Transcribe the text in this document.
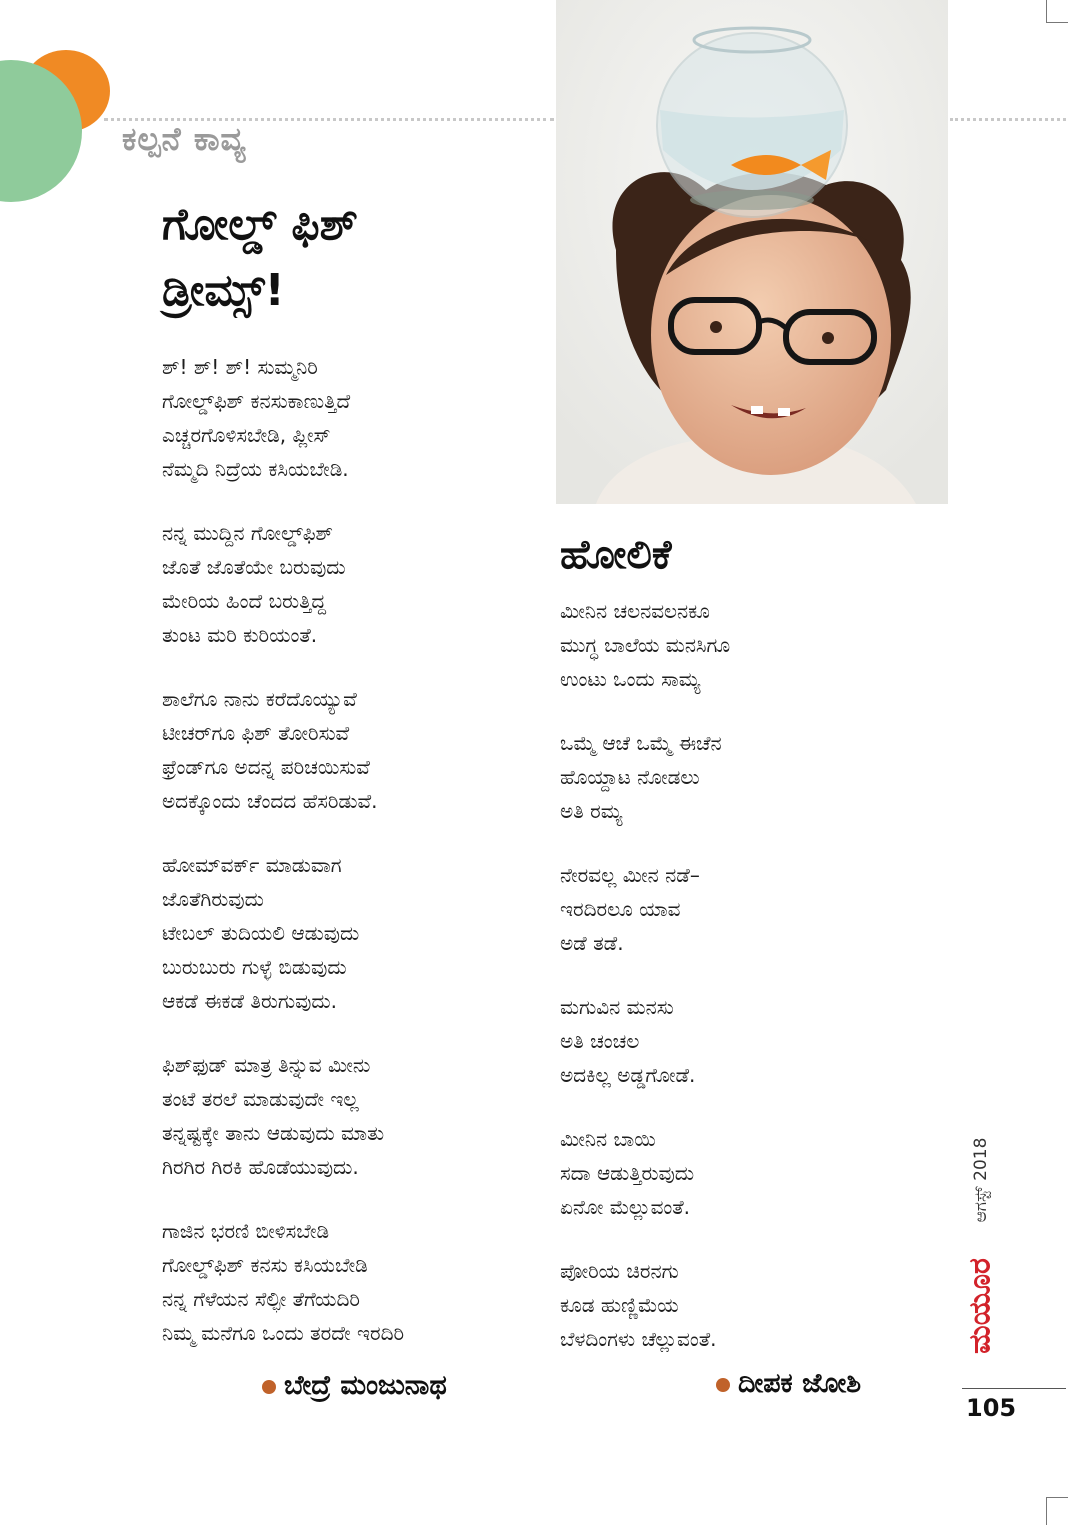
ಕಲ್ಪನೆ ಕಾವ್ಯ
ಗೋಲ್ಡ್ ಫಿಶ್
ಡ್ರೀಮ್ಸ್!
ಶ್! ಶ್! ಶ್! ಸುಮ್ಮನಿರಿ
ಗೋಲ್ಡ್‌ಫಿಶ್ ಕನಸುಕಾಣುತ್ತಿದೆ
ಎಚ್ಚರಗೊಳಿಸಬೇಡಿ, ಪ್ಲೀಸ್
ನೆಮ್ಮದಿ ನಿದ್ರೆಯ ಕಸಿಯಬೇಡಿ.
ನನ್ನ ಮುದ್ದಿನ ಗೋಲ್ಡ್‌ಫಿಶ್
ಜೊತೆ ಜೊತೆಯೇ ಬರುವುದು
ಮೇರಿಯ ಹಿಂದೆ ಬರುತ್ತಿದ್ದ
ತುಂಟ ಮರಿ ಕುರಿಯಂತೆ.
ಶಾಲೆಗೂ ನಾನು ಕರೆದೊಯ್ಯುವೆ
ಟೀಚರ್‌ಗೂ ಫಿಶ್ ತೋರಿಸುವೆ
ಫ್ರೆಂಡ್‌ಗೂ ಅದನ್ನ ಪರಿಚಯಿಸುವೆ
ಅದಕ್ಕೊಂದು ಚೆಂದದ ಹೆಸರಿಡುವೆ.
ಹೋಮ್‌ವರ್ಕ್ ಮಾಡುವಾಗ
ಜೊತೆಗಿರುವುದು
ಟೇಬಲ್ ತುದಿಯಲಿ ಆಡುವುದು
ಬುರುಬುರು ಗುಳ್ಳೆ ಬಿಡುವುದು
ಆಕಡೆ ಈಕಡೆ ತಿರುಗುವುದು.
ಫಿಶ್‌ಫುಡ್ ಮಾತ್ರ ತಿನ್ನುವ ಮೀನು
ತಂಟೆ ತರಲೆ ಮಾಡುವುದೇ ಇಲ್ಲ
ತನ್ನಷ್ಟಕ್ಕೇ ತಾನು ಆಡುವುದು ಮಾತು
ಗಿರಗಿರ ಗಿರಕಿ ಹೊಡೆಯುವುದು.
ಗಾಜಿನ ಭರಣಿ ಬೀಳಿಸಬೇಡಿ
ಗೋಲ್ಡ್‌ಫಿಶ್ ಕನಸು ಕಸಿಯಬೇಡಿ
ನನ್ನ ಗೆಳೆಯನ ಸೆಲ್ಫೀ ತೆಗೆಯದಿರಿ
ನಿಮ್ಮ ಮನೆಗೂ ಒಂದು ತರದೇ ಇರದಿರಿ
ಬೇದ್ರೆ ಮಂಜುನಾಥ
ಹೋಲಿಕೆ
ಮೀನಿನ ಚಲನವಲನಕೂ
ಮುಗ್ಧ ಬಾಲೆಯ ಮನಸಿಗೂ
ಉಂಟು ಒಂದು ಸಾಮ್ಯ
ಒಮ್ಮೆ ಆಚೆ ಒಮ್ಮೆ ಈಚೆನ
ಹೊಯ್ದಾಟ ನೋಡಲು
ಅತಿ ರಮ್ಯ
ನೇರವಲ್ಲ ಮೀನ ನಡೆ–
ಇರದಿರಲೂ ಯಾವ
ಅಡೆ ತಡೆ.
ಮಗುವಿನ ಮನಸು
ಅತಿ ಚಂಚಲ
ಅದಕಿಲ್ಲ ಅಡ್ಡಗೋಡೆ.
ಮೀನಿನ ಬಾಯಿ
ಸದಾ ಆಡುತ್ತಿರುವುದು
ಏನೋ ಮೆಲ್ಲುವಂತೆ.
ಪೋರಿಯ ಚಿರನಗು
ಕೂಡ ಹುಣ್ಣಿಮೆಯ
ಬೆಳದಿಂಗಳು ಚೆಲ್ಲುವಂತೆ.
ದೀಪಕ ಜೋಶಿ
ಆಗಸ್ಟ್ 2018
ಮಯೂರ
105
